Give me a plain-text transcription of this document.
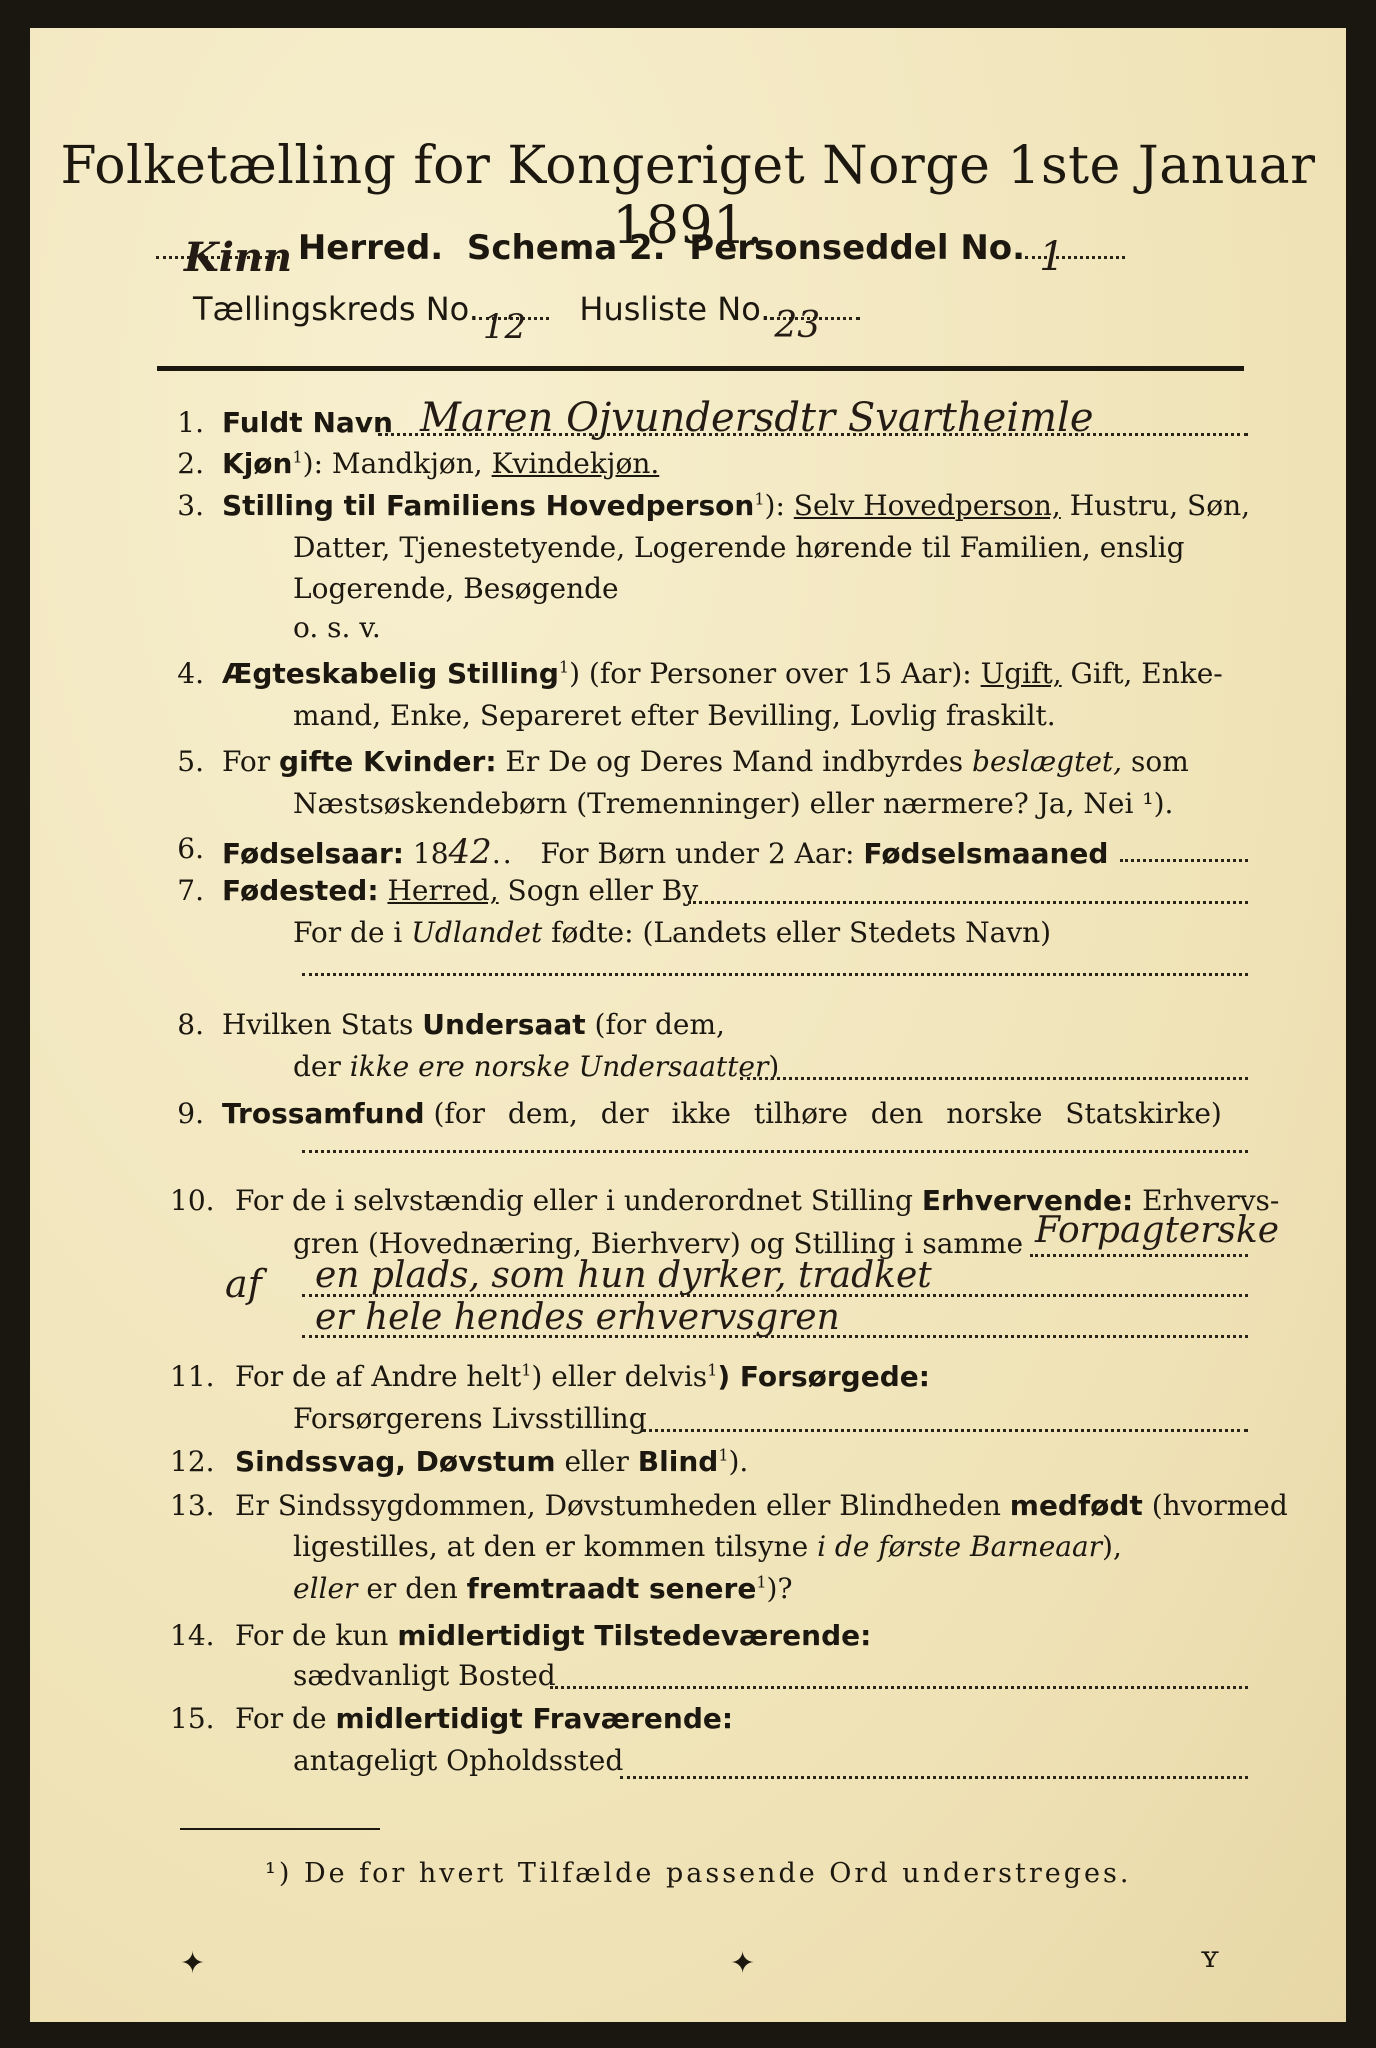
Folketælling for Kongeriget Norge 1ste Januar 1891.
Kinn Herred. Schema 2. Personseddel No. 1
Tællingskreds No. 12 Husliste No. 23
1. Fuldt Navn Maren Ojvundersdtr Svartheimle
2. Kjøn$^1$): Mandkjøn, Kvindekjøn.
3. Stilling til Familiens Hovedperson$^1$): Selv Hovedperson, Hustru, Søn,
Datter, Tjenestetyende, Logerende hørende til Familien, enslig
Logerende, Besøgende
o. s. v.
4. Ægteskabelig Stilling$^1$) (for Personer over 15 Aar): Ugift, Gift, Enke-
mand, Enke, Separeret efter Bevilling, Lovlig fraskilt.
5. For gifte Kvinder: Er De og Deres Mand indbyrdes beslægtet, som
Næstsøskendebørn (Tremenninger) eller nærmere? Ja, Nei ¹).
6. Fødselsaar: 1842.. For Børn under 2 Aar: Fødselsmaaned
7. Fødested: Herred, Sogn eller By
For de i Udlandet fødte: (Landets eller Stedets Navn)
8. Hvilken Stats Undersaat (for dem,
der ikke ere norske Undersaatter)
9. Trossamfund (for dem, der ikke tilhøre den norske Statskirke)
10. For de i selvstændig eller i underordnet Stilling Erhvervende: Erhvervs-
gren (Hovednæring, Bierhverv) og Stilling i samme Forpagterske
af en plads, som hun dyrker, tradket
er hele hendes erhvervsgren
11. For de af Andre helt$^1$) eller delvis$^1$) Forsørgede:
Forsørgerens Livsstilling
12. Sindssvag, Døvstum eller Blind$^1$).
13. Er Sindssygdommen, Døvstumheden eller Blindheden medfødt (hvormed
ligestilles, at den er kommen tilsyne i de første Barneaar),
eller er den fremtraadt senere$^1$)?
14. For de kun midlertidigt Tilstedeværende:
sædvanligt Bosted
15. For de midlertidigt Fraværende:
antageligt Opholdssted
¹) De for hvert Tilfælde passende Ord understreges.
✦	✦	ʏ
